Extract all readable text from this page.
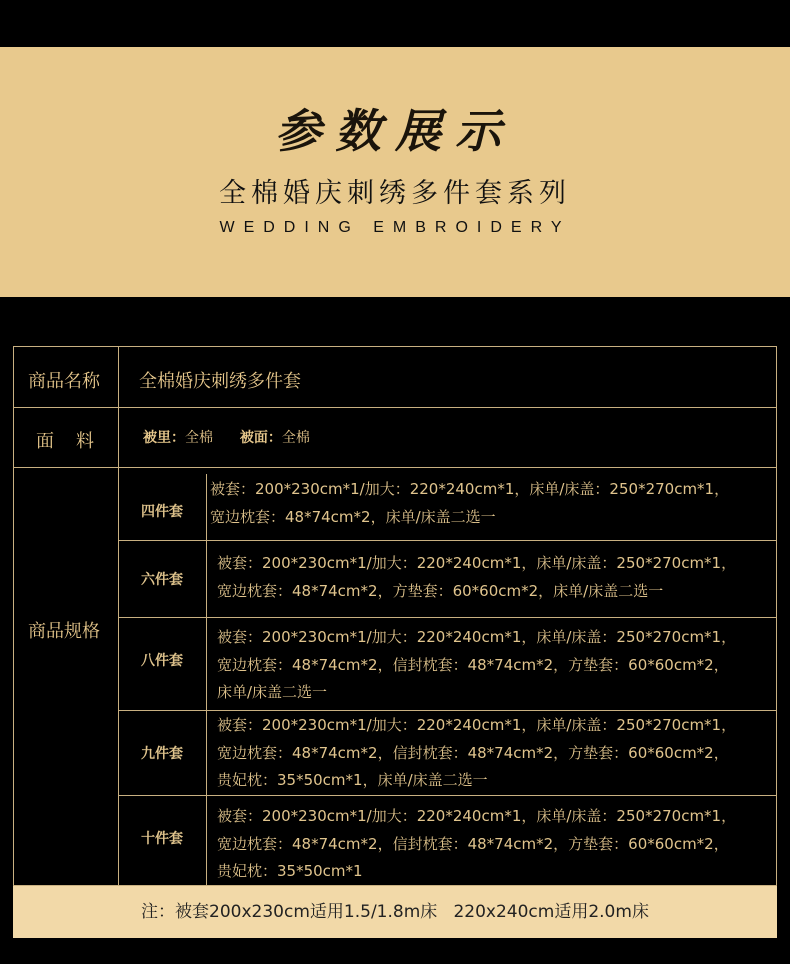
参数展示
全棉婚庆刺绣多件套系列
WEDDING EMBROIDERY
商品名称 全棉婚庆刺绣多件套
面　料	被里：全棉 被面：全棉
商品规格
四件套
被套：200*230cm*1/加大：220*240cm*1，床单/床盖：250*270cm*1，
宽边枕套：48*74cm*2，床单/床盖二选一
六件套
被套：200*230cm*1/加大：220*240cm*1，床单/床盖：250*270cm*1，
宽边枕套：48*74cm*2，方垫套：60*60cm*2，床单/床盖二选一
八件套
被套：200*230cm*1/加大：220*240cm*1，床单/床盖：250*270cm*1，
宽边枕套：48*74cm*2，信封枕套：48*74cm*2，方垫套：60*60cm*2，
床单/床盖二选一
九件套
被套：200*230cm*1/加大：220*240cm*1，床单/床盖：250*270cm*1，
宽边枕套：48*74cm*2，信封枕套：48*74cm*2，方垫套：60*60cm*2，
贵妃枕：35*50cm*1，床单/床盖二选一
十件套
被套：200*230cm*1/加大：220*240cm*1，床单/床盖：250*270cm*1，
宽边枕套：48*74cm*2，信封枕套：48*74cm*2，方垫套：60*60cm*2，
贵妃枕：35*50cm*1
注：被套200x230cm适用1.5/1.8m床   220x240cm适用2.0m床
